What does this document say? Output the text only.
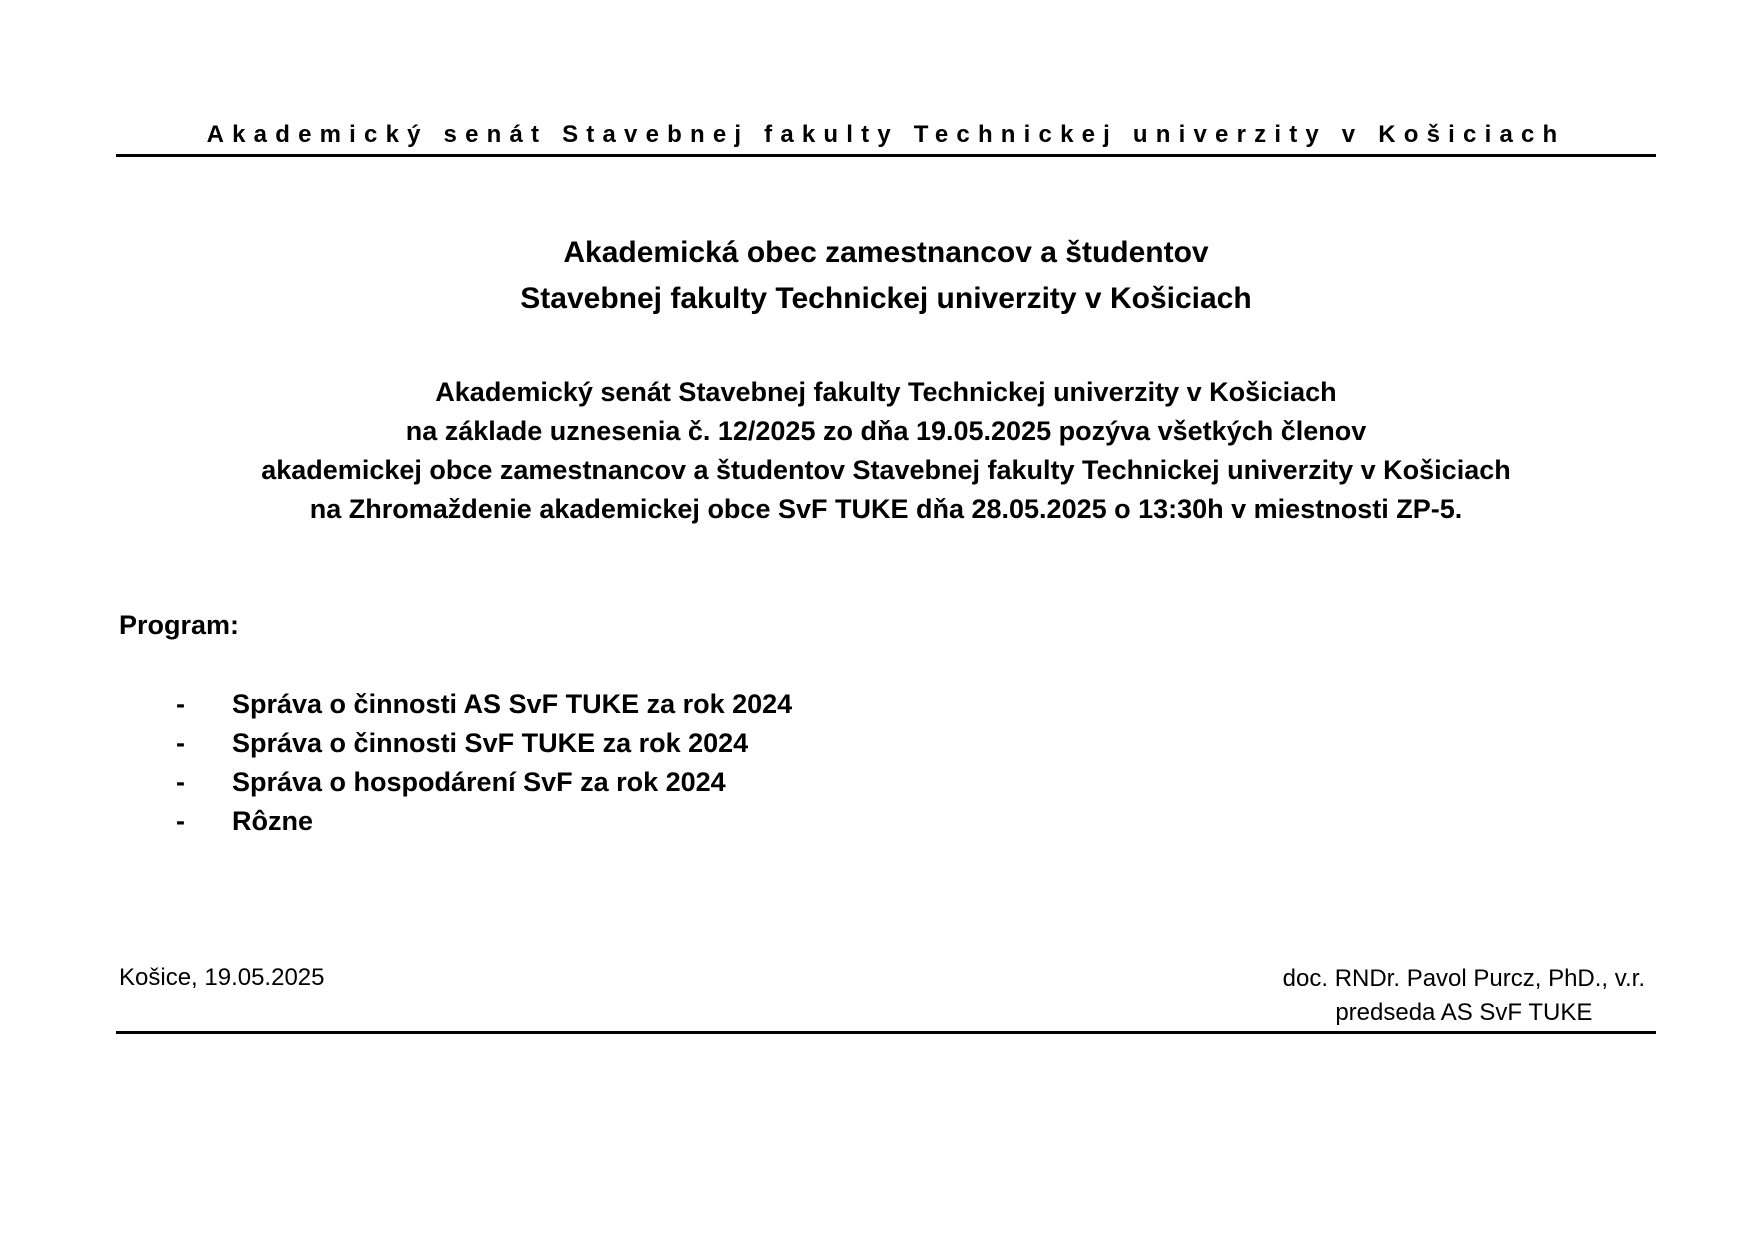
Akademický senát Stavebnej fakulty Technickej univerzity v Košiciach
Akademická obec zamestnancov a študentov
Stavebnej fakulty Technickej univerzity v Košiciach
Akademický senát Stavebnej fakulty Technickej univerzity v Košiciach
na základe uznesenia č. 12/2025 zo dňa 19.05.2025 pozýva všetkých členov
akademickej obce zamestnancov a študentov Stavebnej fakulty Technickej univerzity v Košiciach
na Zhromaždenie akademickej obce SvF TUKE dňa 28.05.2025 o 13:30h v miestnosti ZP-5.
Program:
-	Správa o činnosti AS SvF TUKE za rok 2024
-	Správa o činnosti SvF TUKE za rok 2024
-	Správa o hospodárení SvF za rok 2024
-	Rôzne
Košice, 19.05.2025	doc. RNDr. Pavol Purcz, PhD., v.r.
predseda AS SvF TUKE
